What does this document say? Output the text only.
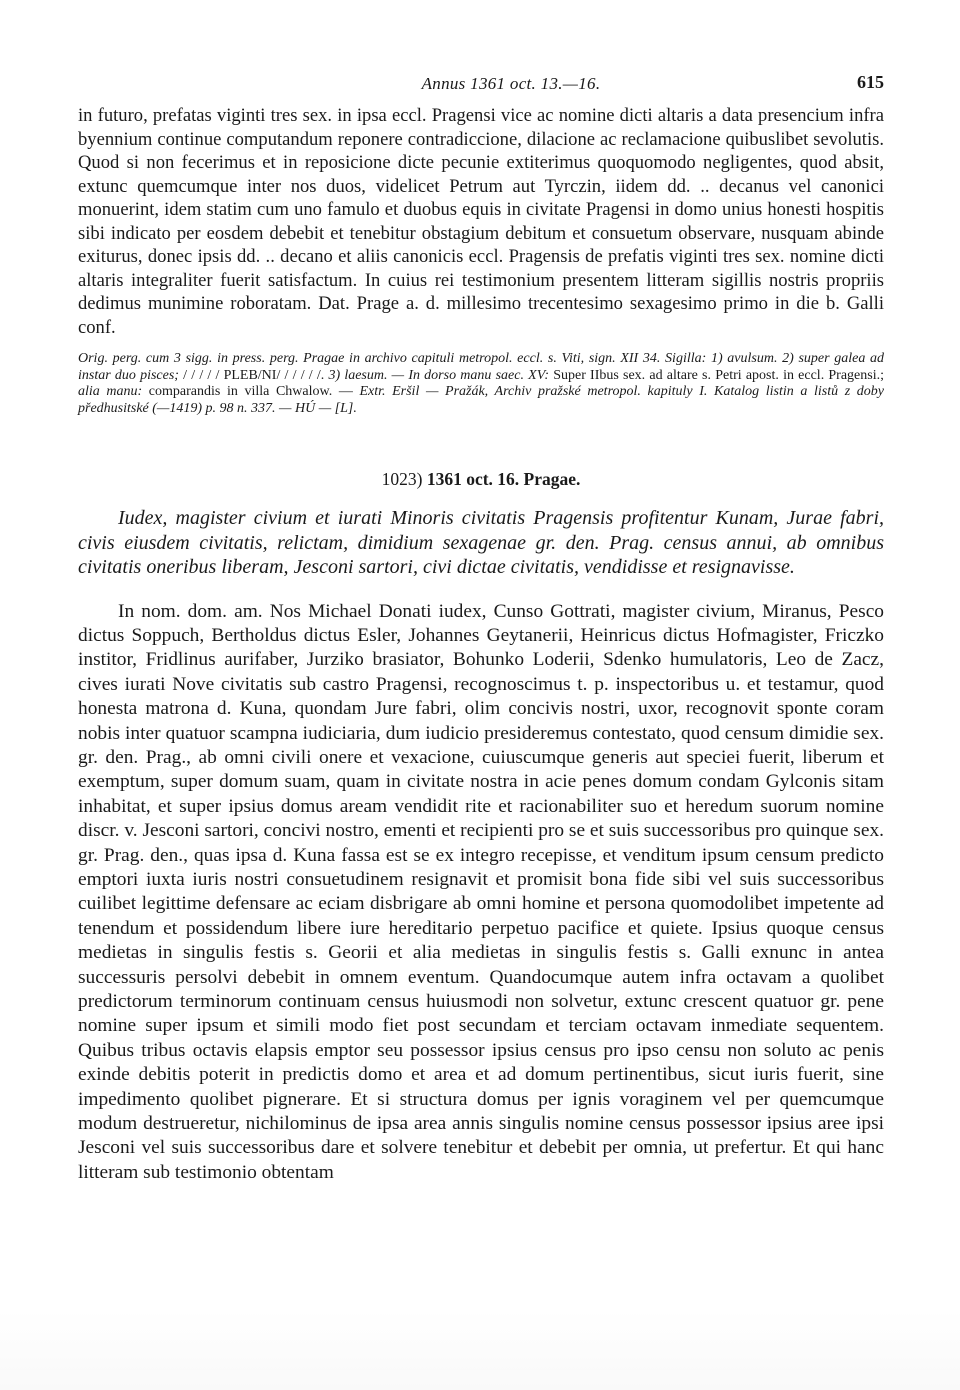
Annus 1361 oct. 13.—16.	615

in futuro, prefatas viginti tres sex. in ipsa eccl. Pragensi vice ac nomine dicti altaris a data presencium infra byennium continue computandum reponere contradiccione, dilacione ac reclamacione quibuslibet sevolutis. Quod si non fecerimus et in reposicione dicte pecunie extiterimus quoquomodo negligentes, quod absit, extunc quemcumque inter nos duos, videlicet Petrum aut Tyrczin, iidem dd. .. decanus vel canonici monuerint, idem statim cum uno famulo et duobus equis in civitate Pragensi in domo unius honesti hospitis sibi indicato per eosdem debebit et tenebitur obstagium debitum et consuetum observare, nusquam abinde exiturus, donec ipsis dd. .. decano et aliis canonicis eccl. Pragensis de prefatis viginti tres sex. nomine dicti altaris integraliter fuerit satisfactum. In cuius rei testimonium presentem litteram sigillis nostris propriis dedimus munimine roboratam. Dat. Prage a. d. millesimo trecentesimo sexagesimo primo in die b. Galli conf.

Orig. perg. cum 3 sigg. in press. perg. Pragae in archivo capituli metropol. eccl. s. Viti, sign. XII 34. Sigilla: 1) avulsum. 2) super galea ad instar duo pisces; / / / / / PLEB/NI/ / / / / /. 3) laesum. — In dorso manu saec. XV: Super IIbus sex. ad altare s. Petri apost. in eccl. Pragensi.; alia manu: comparandis in villa Chwalow. — Extr. Eršil — Pražák, Archiv pražské metropol. kapituly I. Katalog listin a listů z doby předhusitské (—1419) p. 98 n. 337. — HÚ — [L].
1023) 1361 oct. 16. Pragae.

Iudex, magister civium et iurati Minoris civitatis Pragensis profitentur Kunam, Jurae fabri, civis eiusdem civitatis, relictam, dimidium sexagenae gr. den. Prag. census annui, ab omnibus civitatis oneribus liberam, Jesconi sartori, civi dictae civitatis, vendidisse et resignavisse.

In nom. dom. am. Nos Michael Donati iudex, Cunso Gottrati, magister civium, Miranus, Pesco dictus Soppuch, Bertholdus dictus Esler, Johannes Geytanerii, Heinricus dictus Hofmagister, Friczko institor, Fridlinus aurifaber, Jurziko brasiator, Bohunko Loderii, Sdenko humulatoris, Leo de Zacz, cives iurati Nove civitatis sub castro Pragensi, recognoscimus t. p. inspectoribus u. et testamur, quod honesta matrona d. Kuna, quondam Jure fabri, olim concivis nostri, uxor, recognovit sponte coram nobis inter quatuor scampna iudiciaria, dum iudicio presideremus contestato, quod censum dimidie sex. gr. den. Prag., ab omni civili onere et vexacione, cuiuscumque generis aut speciei fuerit, liberum et exemptum, super domum suam, quam in civitate nostra in acie penes domum condam Gylconis sitam inhabitat, et super ipsius domus aream vendidit rite et racionabiliter suo et heredum suorum nomine discr. v. Jesconi sartori, concivi nostro, ementi et recipienti pro se et suis successoribus pro quinque sex. gr. Prag. den., quas ipsa d. Kuna fassa est se ex integro recepisse, et venditum ipsum censum predicto emptori iuxta iuris nostri consuetudinem resignavit et promisit bona fide sibi vel suis successoribus cuilibet legittime defensare ac eciam disbrigare ab omni homine et persona quomodolibet impetente ad tenendum et possidendum libere iure hereditario perpetuo pacifice et quiete. Ipsius quoque census medietas in singulis festis s. Georii et alia medietas in singulis festis s. Galli exnunc in antea successuris persolvi debebit in omnem eventum. Quandocumque autem infra octavam a quolibet predictorum terminorum continuam census huiusmodi non solvetur, extunc crescent quatuor gr. pene nomine super ipsum et simili modo fiet post secundam et terciam octavam inmediate sequentem. Quibus tribus octavis elapsis emptor seu possessor ipsius census pro ipso censu non soluto ac penis exinde debitis poterit in predictis domo et area et ad domum pertinentibus, sicut iuris fuerit, sine impedimento quolibet pignerare. Et si structura domus per ignis voraginem vel per quemcumque modum destrueretur, nichilominus de ipsa area annis singulis nomine census possessor ipsius aree ipsi Jesconi vel suis successoribus dare et solvere tenebitur et debebit per omnia, ut prefertur. Et qui hanc litteram sub testimonio obtentam
